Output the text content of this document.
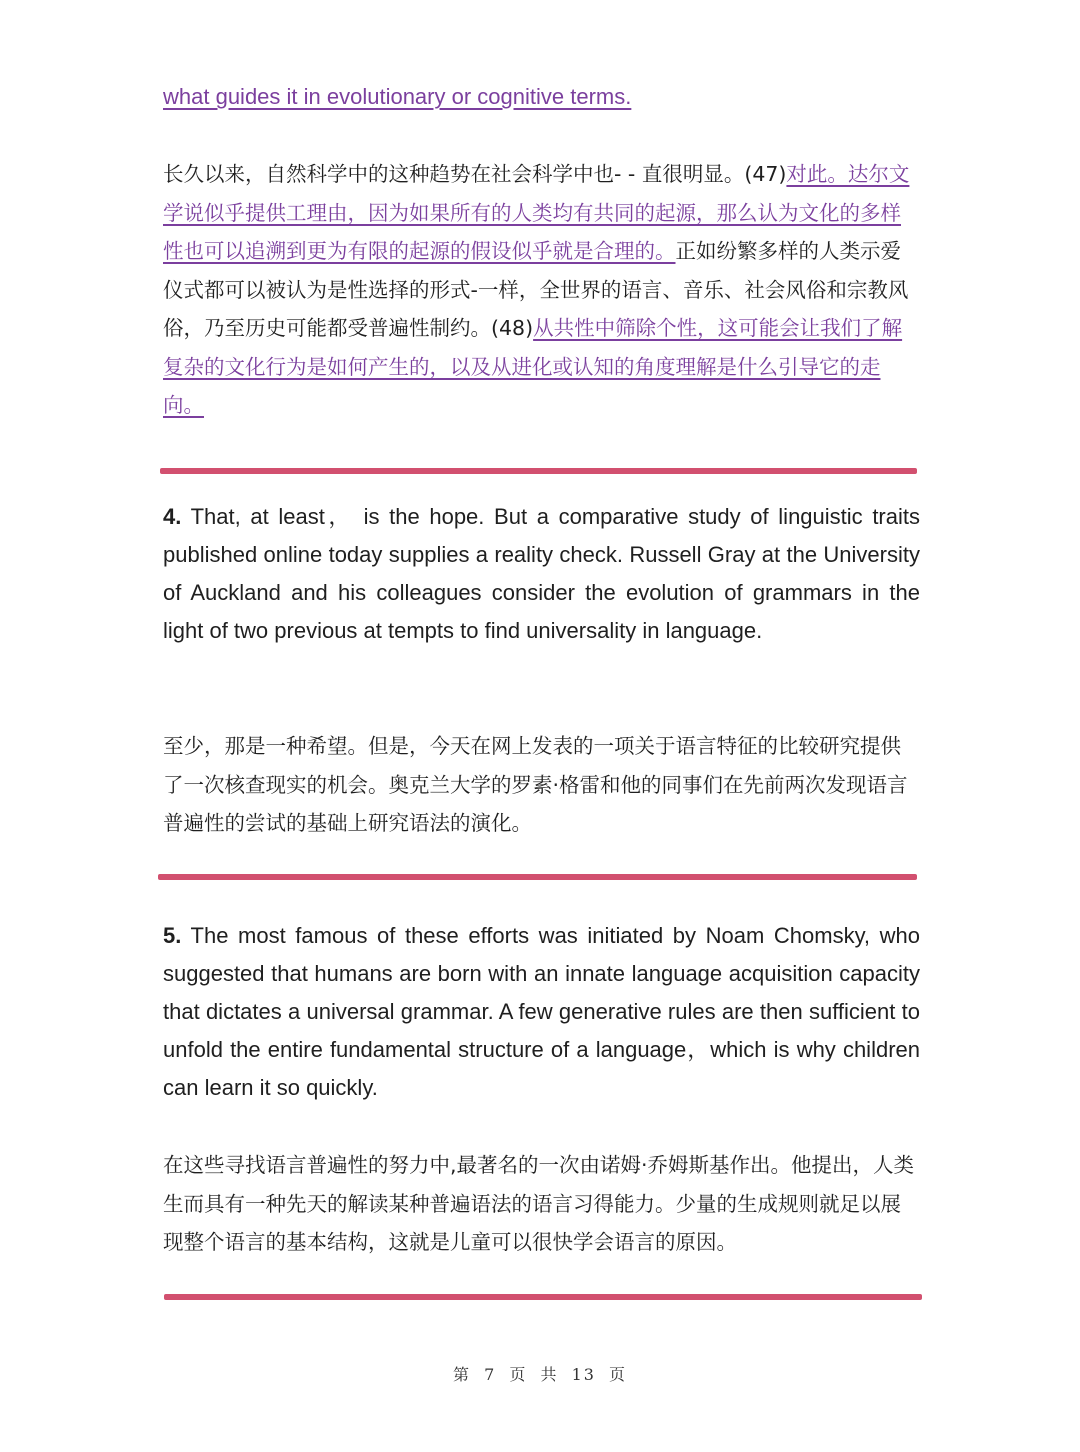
what guides it in evolutionary or cognitive terms.

长久以来，自然科学中的这种趋势在社会科学中也- - 直很明显。(47)对此。达尔文学说似乎提供工理由，因为如果所有的人类均有共同的起源，那么认为文化的多样性也可以追溯到更为有限的起源的假设似乎就是合理的。正如纷繁多样的人类示爱仪式都可以被认为是性选择的形式-一样，全世界的语言、音乐、社会风俗和宗教风俗，乃至历史可能都受普遍性制约。(48)从共性中筛除个性，这可能会让我们了解复杂的文化行为是如何产生的，以及从进化或认知的角度理解是什么引导它的走向。

4. That, at least， is the hope. But a comparative study of linguistic traits published online today supplies a reality check. Russell Gray at the University of Auckland and his colleagues consider the evolution of grammars in the light of two previous at tempts to find universality in language.

至少，那是一种希望。但是，今天在网上发表的一项关于语言特征的比较研究提供了一次核查现实的机会。奥克兰大学的罗素·格雷和他的同事们在先前两次发现语言普遍性的尝试的基础上研究语法的演化。

5. The most famous of these efforts was initiated by Noam Chomsky, who suggested that humans are born with an innate language acquisition capacity that dictates a universal grammar. A few generative rules are then sufficient to unfold the entire fundamental structure of a language，which is why children can learn it so quickly.

在这些寻找语言普遍性的努力中,最著名的一次由诺姆·乔姆斯基作出。他提出，人类生而具有一种先天的解读某种普遍语法的语言习得能力。少量的生成规则就足以展现整个语言的基本结构，这就是儿童可以很快学会语言的原因。

第 7 页 共 13 页
